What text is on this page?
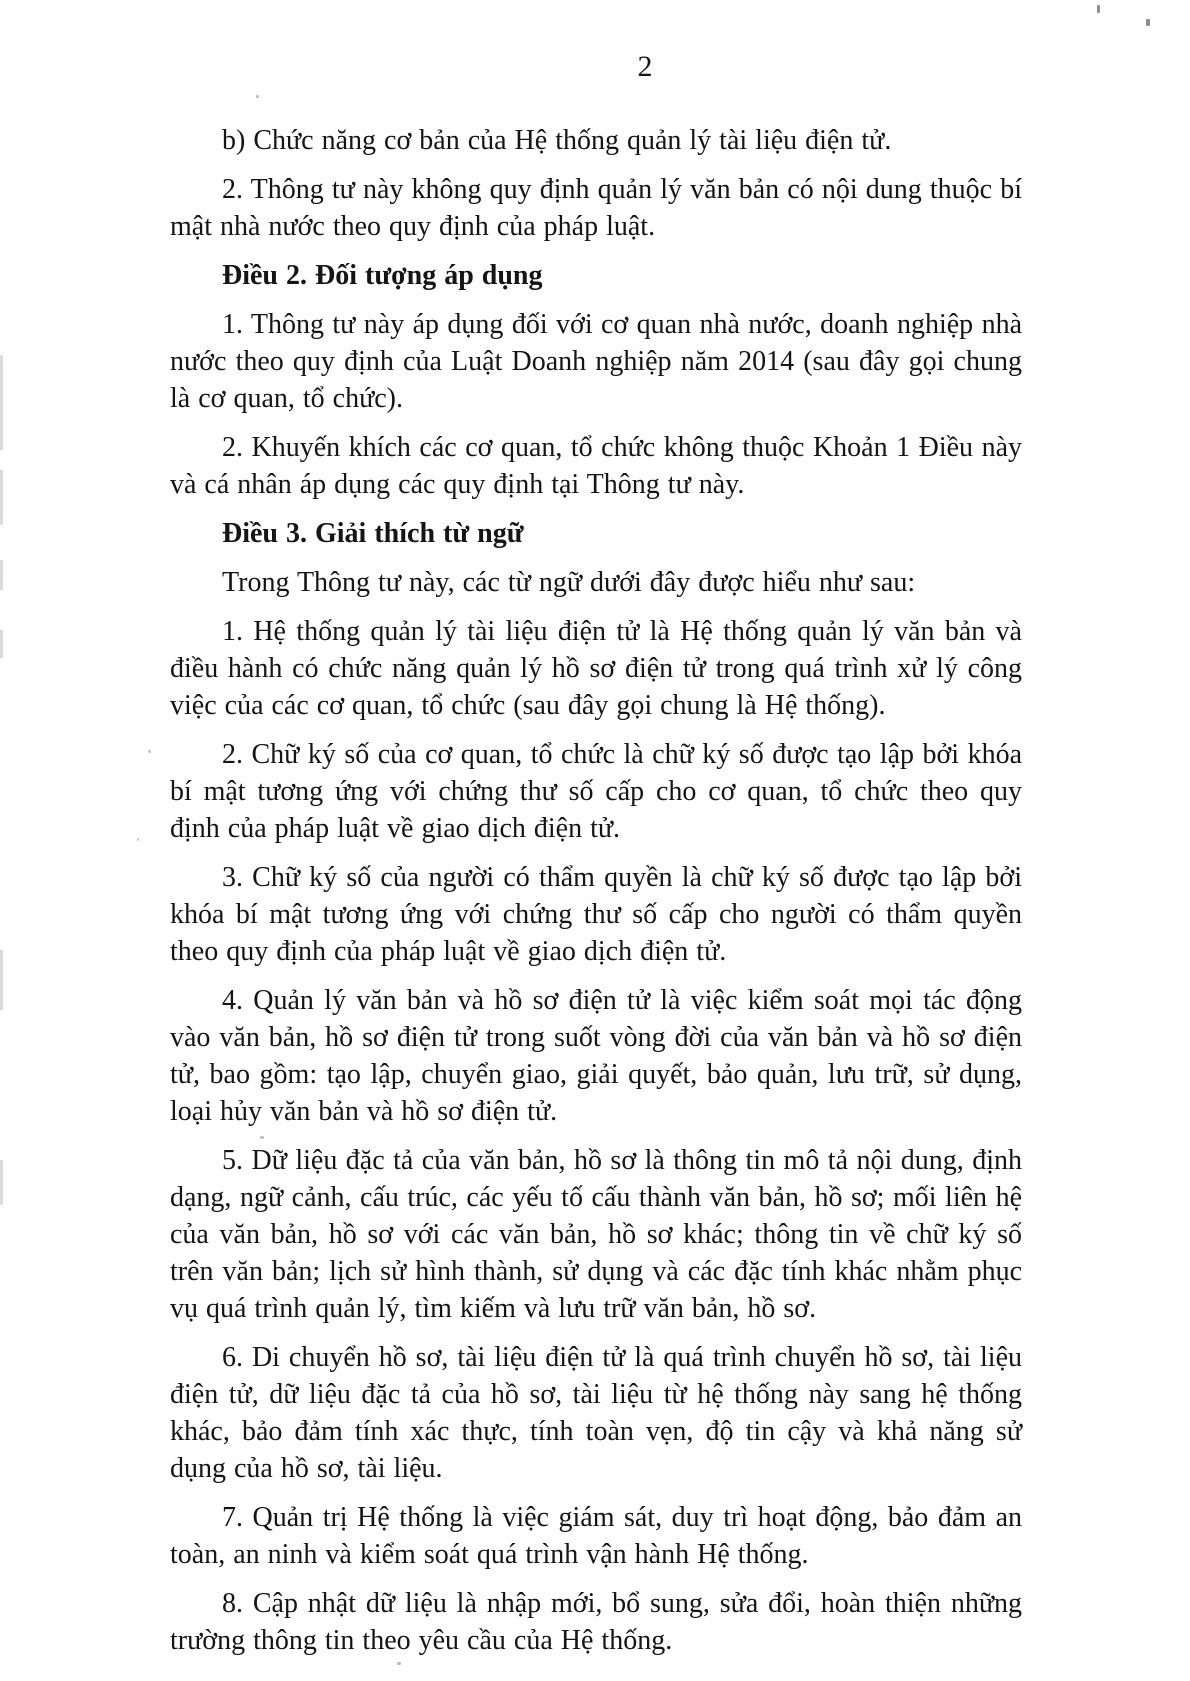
2

b) Chức năng cơ bản của Hệ thống quản lý tài liệu điện tử.

2. Thông tư này không quy định quản lý văn bản có nội dung thuộc bí mật nhà nước theo quy định của pháp luật.

Điều 2. Đối tượng áp dụng

1. Thông tư này áp dụng đối với cơ quan nhà nước, doanh nghiệp nhà nước theo quy định của Luật Doanh nghiệp năm 2014 (sau đây gọi chung là cơ quan, tổ chức).

2. Khuyến khích các cơ quan, tổ chức không thuộc Khoản 1 Điều này và cá nhân áp dụng các quy định tại Thông tư này.

Điều 3. Giải thích từ ngữ

Trong Thông tư này, các từ ngữ dưới đây được hiểu như sau:

1. Hệ thống quản lý tài liệu điện tử là Hệ thống quản lý văn bản và điều hành có chức năng quản lý hồ sơ điện tử trong quá trình xử lý công việc của các cơ quan, tổ chức (sau đây gọi chung là Hệ thống).

2. Chữ ký số của cơ quan, tổ chức là chữ ký số được tạo lập bởi khóa bí mật tương ứng với chứng thư số cấp cho cơ quan, tổ chức theo quy định của pháp luật về giao dịch điện tử.

3. Chữ ký số của người có thẩm quyền là chữ ký số được tạo lập bởi khóa bí mật tương ứng với chứng thư số cấp cho người có thẩm quyền theo quy định của pháp luật về giao dịch điện tử.

4. Quản lý văn bản và hồ sơ điện tử là việc kiểm soát mọi tác động vào văn bản, hồ sơ điện tử trong suốt vòng đời của văn bản và hồ sơ điện tử, bao gồm: tạo lập, chuyển giao, giải quyết, bảo quản, lưu trữ, sử dụng, loại hủy văn bản và hồ sơ điện tử.

5. Dữ liệu đặc tả của văn bản, hồ sơ là thông tin mô tả nội dung, định dạng, ngữ cảnh, cấu trúc, các yếu tố cấu thành văn bản, hồ sơ; mối liên hệ của văn bản, hồ sơ với các văn bản, hồ sơ khác; thông tin về chữ ký số trên văn bản; lịch sử hình thành, sử dụng và các đặc tính khác nhằm phục vụ quá trình quản lý, tìm kiếm và lưu trữ văn bản, hồ sơ.

6. Di chuyển hồ sơ, tài liệu điện tử là quá trình chuyển hồ sơ, tài liệu điện tử, dữ liệu đặc tả của hồ sơ, tài liệu từ hệ thống này sang hệ thống khác, bảo đảm tính xác thực, tính toàn vẹn, độ tin cậy và khả năng sử dụng của hồ sơ, tài liệu.

7. Quản trị Hệ thống là việc giám sát, duy trì hoạt động, bảo đảm an toàn, an ninh và kiểm soát quá trình vận hành Hệ thống.

8. Cập nhật dữ liệu là nhập mới, bổ sung, sửa đổi, hoàn thiện những trường thông tin theo yêu cầu của Hệ thống.
